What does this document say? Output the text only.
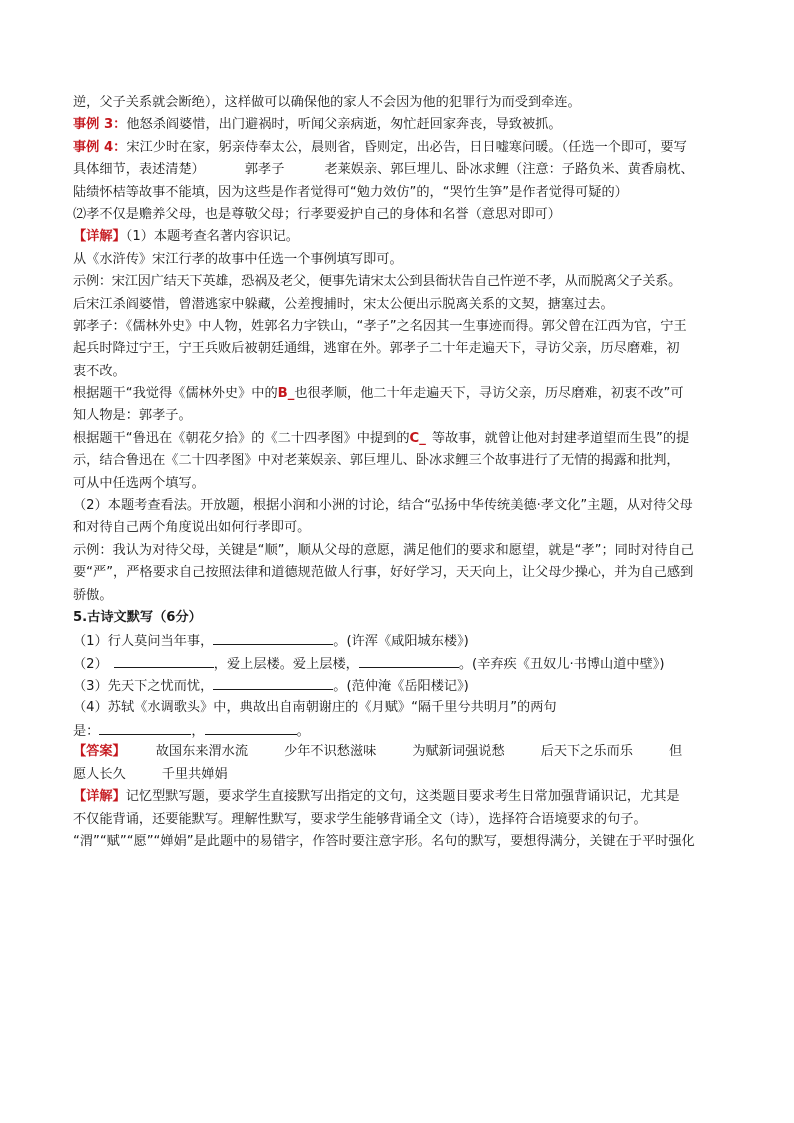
逆，父子关系就会断绝），这样做可以确保他的家人不会因为他的犯罪行为而受到牵连。
事例 3：他怒杀阎婆惜，出门避祸时，听闻父亲病逝，匆忙赶回家奔丧，导致被抓。
事例 4：宋江少时在家，躬亲侍奉太公，晨则省，昏则定，出必告，日日嘘寒问暖。（任选一个即可，要写
具体细节，表述清楚）	郭孝子	老莱娱亲、郭巨埋儿、卧冰求鲤（注意：子路负米、黄香扇枕、
陆绩怀桔等故事不能填，因为这些是作者觉得可“勉力效仿”的，“哭竹生笋”是作者觉得可疑的）
⑵孝不仅是赡养父母，也是尊敬父母；行孝要爱护自己的身体和名誉（意思对即可）
【详解】（1）本题考查名著内容识记。
从《水浒传》宋江行孝的故事中任选一个事例填写即可。
示例：宋江因广结天下英雄，恐祸及老父，便事先请宋太公到县衙状告自己忤逆不孝，从而脱离父子关系。
后宋江杀阎婆惜，曾潜逃家中躲藏，公差搜捕时，宋太公便出示脱离关系的文契，搪塞过去。
郭孝子：《儒林外史》中人物，姓郭名力字铁山，“孝子”之名因其一生事迹而得。郭父曾在江西为官，宁王
起兵时降过宁王，宁王兵败后被朝廷通缉，逃窜在外。郭孝子二十年走遍天下，寻访父亲，历尽磨难，初
衷不改。
根据题干“我觉得《儒林外史》中的B_也很孝顺，他二十年走遍天下，寻访父亲，历尽磨难，初衷不改”可
知人物是：郭孝子。
根据题干“鲁迅在《朝花夕拾》的《二十四孝图》中提到的C_ 等故事，就曾让他对封建孝道望而生畏”的提
示，结合鲁迅在《二十四孝图》中对老莱娱亲、郭巨埋儿、卧冰求鲤三个故事进行了无情的揭露和批判，
可从中任选两个填写。
（2）本题考查看法。开放题，根据小润和小洲的讨论，结合“弘扬中华传统美德·孝文化”主题，从对待父母
和对待自己两个角度说出如何行孝即可。
示例：我认为对待父母，关键是“顺”，顺从父母的意愿，满足他们的要求和愿望，就是“孝”；同时对待自己
要“严”，严格要求自己按照法律和道德规范做人行事，好好学习，天天向上，让父母少操心，并为自己感到
骄傲。
5.古诗文默写（6分）
（1）行人莫问当年事，	。(许浑《咸阳城东楼》)
（2）	，爱上层楼。爱上层楼，	。(辛弃疾《丑奴儿·书博山道中壁》)
（3）先天下之忧而忧，	。(范仲淹《岳阳楼记》)
（4）苏轼《水调歌头》中，典故出自南朝谢庄的《月赋》“隔千里兮共明月”的两句
是：	，	。
【答案】 故国东来渭水流	少年不识愁滋味	为赋新词强说愁	后天下之乐而乐	但
愿人长久	千里共婵娟
【详解】记忆型默写题，要求学生直接默写出指定的文句，这类题目要求考生日常加强背诵识记，尤其是
不仅能背诵，还要能默写。理解性默写，要求学生能够背诵全文（诗），选择符合语境要求的句子。
“渭”“赋”“愿”“婵娟”是此题中的易错字，作答时要注意字形。名句的默写，要想得满分，关键在于平时强化
